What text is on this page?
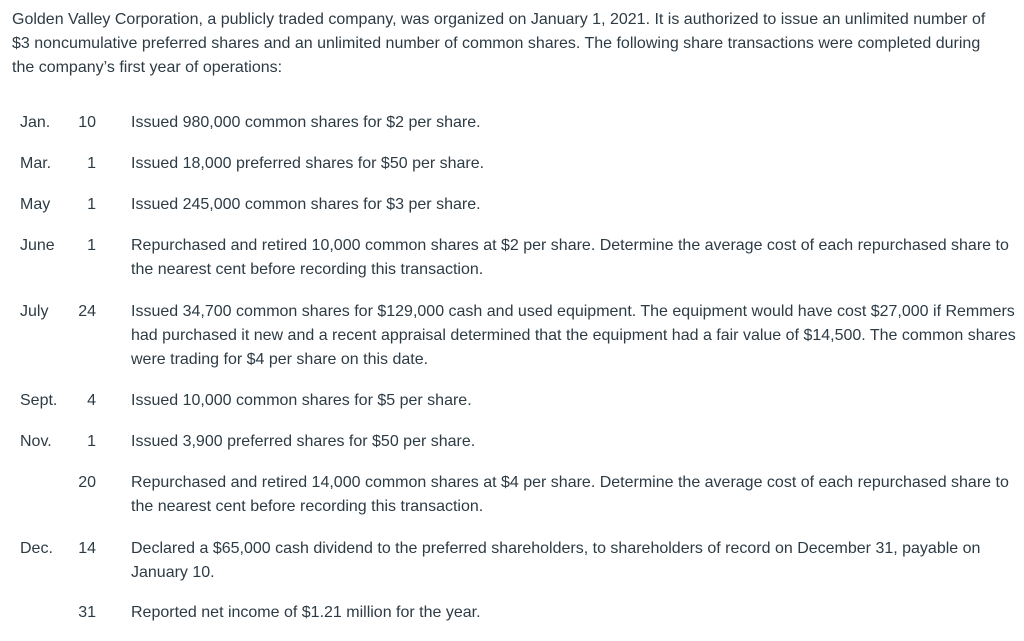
Golden Valley Corporation, a publicly traded company, was organized on January 1, 2021. It is authorized to issue an unlimited number of $3 noncumulative preferred shares and an unlimited number of common shares. The following share transactions were completed during the company’s first year of operations:

Jan.	10 Issued 980,000 common shares for $2 per share.

Mar.	1 Issued 18,000 preferred shares for $50 per share.

May	1 Issued 245,000 common shares for $3 per share.

June	1 Repurchased and retired 10,000 common shares at $2 per share. Determine the average cost of each repurchased share to the nearest cent before recording this transaction.

July	24 Issued 34,700 common shares for $129,000 cash and used equipment. The equipment would have cost $27,000 if Remmers had purchased it new and a recent appraisal determined that the equipment had a fair value of $14,500. The common shares were trading for $4 per share on this date.

Sept.	4 Issued 10,000 common shares for $5 per share.

Nov.	1 Issued 3,900 preferred shares for $50 per share.

20 Repurchased and retired 14,000 common shares at $4 per share. Determine the average cost of each repurchased share to the nearest cent before recording this transaction.

Dec.	14 Declared a $65,000 cash dividend to the preferred shareholders, to shareholders of record on December 31, payable on January 10.

31 Reported net income of $1.21 million for the year.
